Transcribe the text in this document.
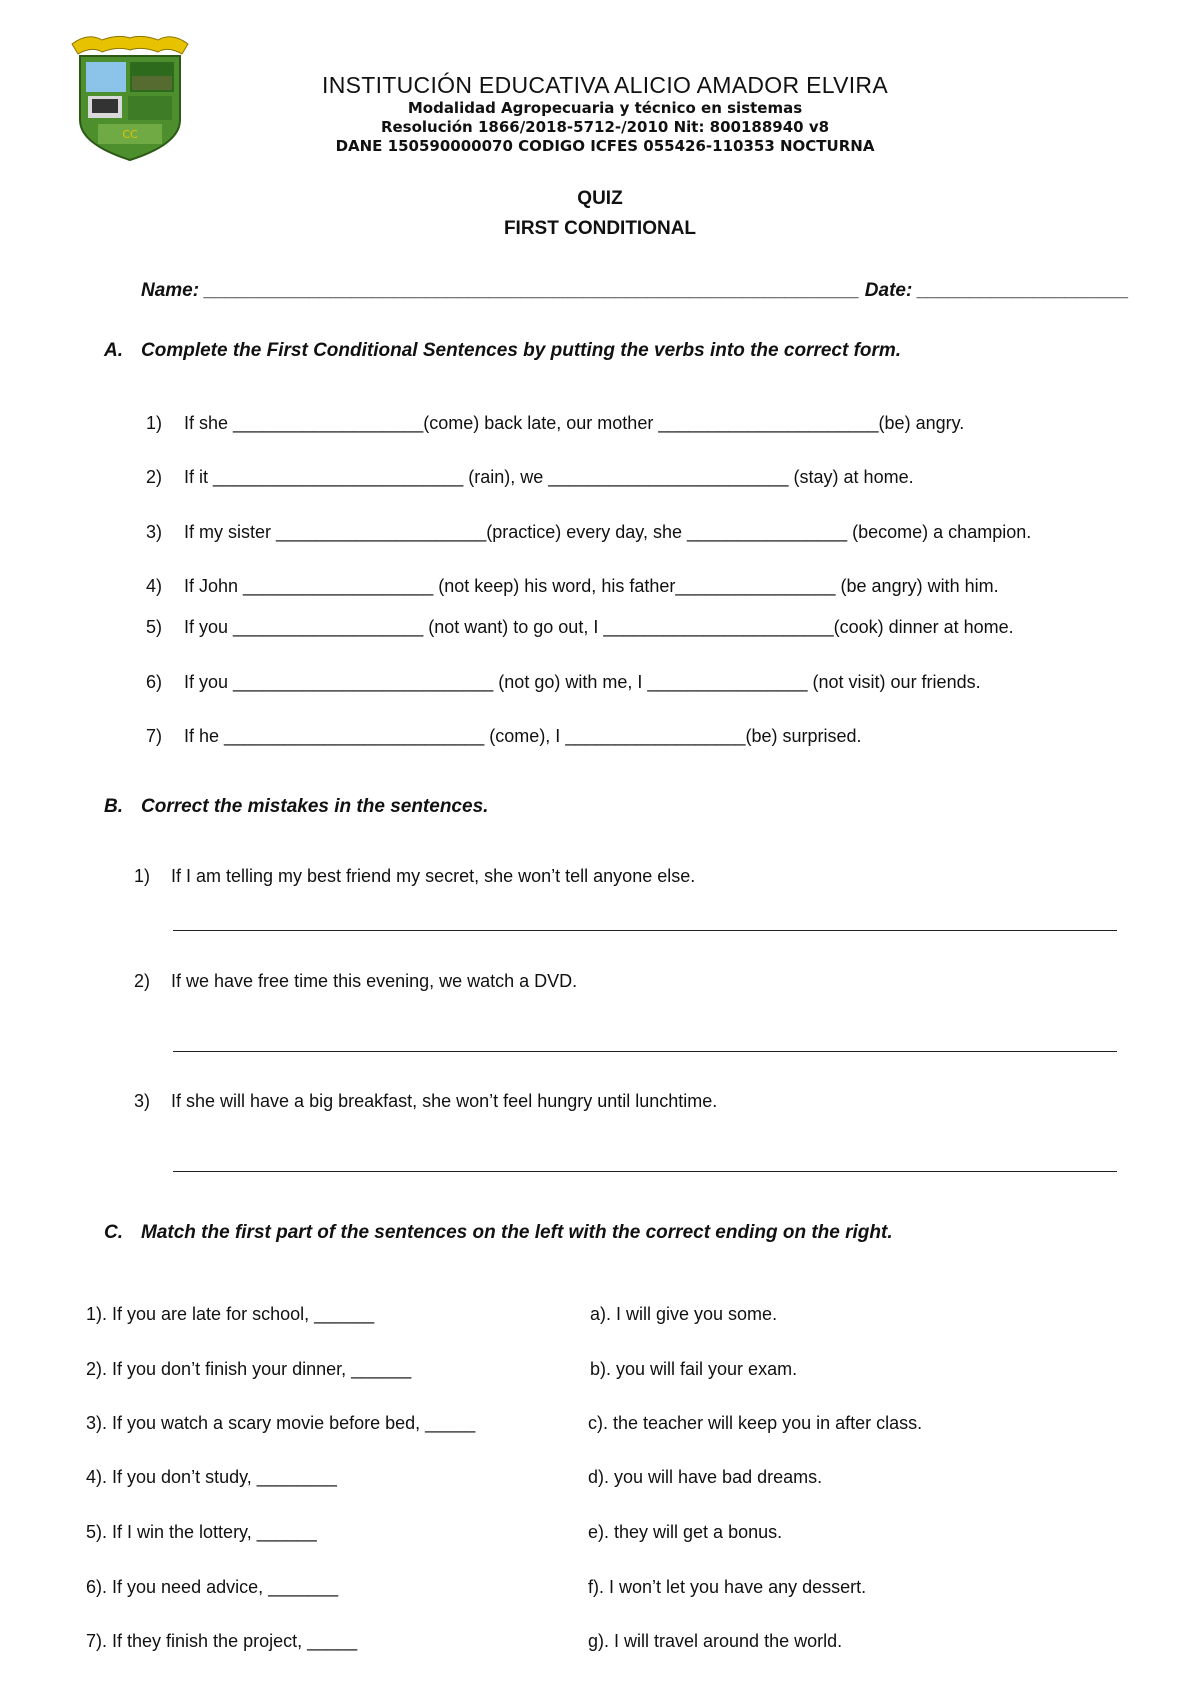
CC
INSTITUCIÓN EDUCATIVA ALICIO AMADOR ELVIRA
Modalidad Agropecuaria y técnico en sistemas
Resolución 1866/2018-5712-/2010 Nit: 800188940 v8
DANE 150590000070 CODIGO ICFES 055426-110353 NOCTURNA
QUIZ
FIRST CONDITIONAL
Name: ______________________________________________________________ Date: ____________________
A. Complete the First Conditional Sentences by putting the verbs into the correct form.
1) If she ___________________(come) back late, our mother ______________________(be) angry.
2) If it _________________________ (rain), we ________________________ (stay) at home.
3) If my sister _____________________(practice) every day, she ________________ (become) a champion.
4) If John ___________________ (not keep) his word, his father________________ (be angry) with him.
5) If you ___________________ (not want) to go out, I _______________________(cook) dinner at home.
6) If you __________________________ (not go) with me, I ________________ (not visit) our friends.
7) If he __________________________ (come), I __________________(be) surprised.
B. Correct the mistakes in the sentences.
1) If I am telling my best friend my secret, she won’t tell anyone else.
2) If we have free time this evening, we watch a DVD.
3) If she will have a big breakfast, she won’t feel hungry until lunchtime.
C. Match the first part of the sentences on the left with the correct ending on the right.
1). If you are late for school, ______
2). If you don’t finish your dinner, ______
3). If you watch a scary movie before bed, _____
4). If you don’t study, ________
5). If I win the lottery, ______
6). If you need advice, _______
7). If they finish the project, _____
a). I will give you some.
b). you will fail your exam.
c). the teacher will keep you in after class.
d). you will have bad dreams.
e). they will get a bonus.
f). I won’t let you have any dessert.
g). I will travel around the world.
